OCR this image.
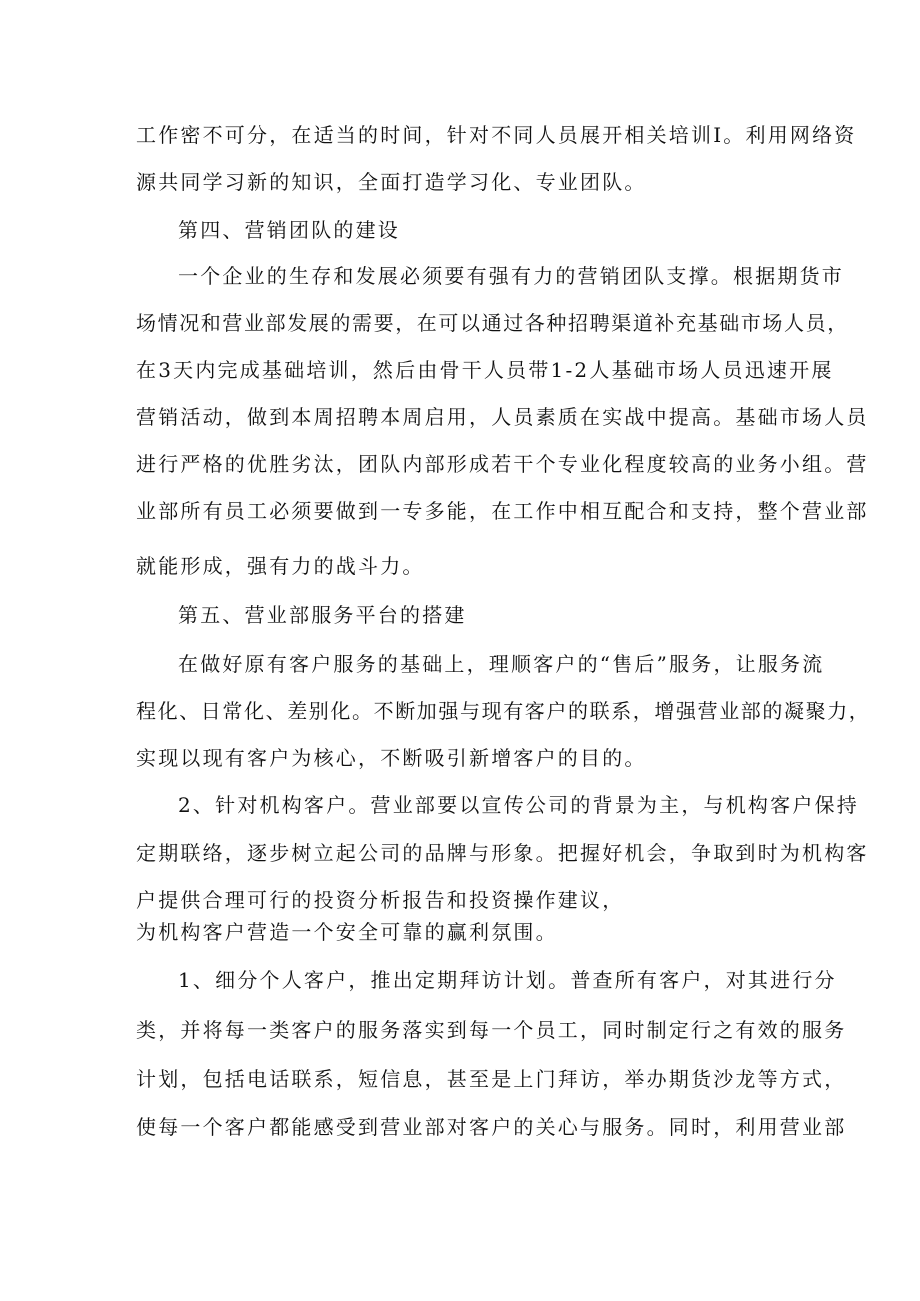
工作密不可分，在适当的时间，针对不同人员展开相关培训Ⅰ。利用网络资
源共同学习新的知识，全面打造学习化、专业团队。
第四、营销团队的建设
一个企业的生存和发展必须要有强有力的营销团队支撑。根据期货市
场情况和营业部发展的需要，在可以通过各种招聘渠道补充基础市场人员，
在3天内完成基础培训，然后由骨干人员带1-2人基础市场人员迅速开展
营销活动，做到本周招聘本周启用，人员素质在实战中提高。基础市场人员
进行严格的优胜劣汰，团队内部形成若干个专业化程度较高的业务小组。营
业部所有员工必须要做到一专多能，在工作中相互配合和支持，整个营业部
就能形成，强有力的战斗力。
第五、营业部服务平台的搭建
在做好原有客户服务的基础上，理顺客户的“售后”服务，让服务流
程化、日常化、差别化。不断加强与现有客户的联系，增强营业部的凝聚力，
实现以现有客户为核心，不断吸引新增客户的目的。
2、针对机构客户。营业部要以宣传公司的背景为主，与机构客户保持
定期联络，逐步树立起公司的品牌与形象。把握好机会，争取到时为机构客
户提供合理可行的投资分析报告和投资操作建议，
为机构客户营造一个安全可靠的赢利氛围。
1、细分个人客户，推出定期拜访计划。普查所有客户，对其进行分
类，并将每一类客户的服务落实到每一个员工，同时制定行之有效的服务
计划，包括电话联系，短信息，甚至是上门拜访，举办期货沙龙等方式，
使每一个客户都能感受到营业部对客户的关心与服务。同时，利用营业部
